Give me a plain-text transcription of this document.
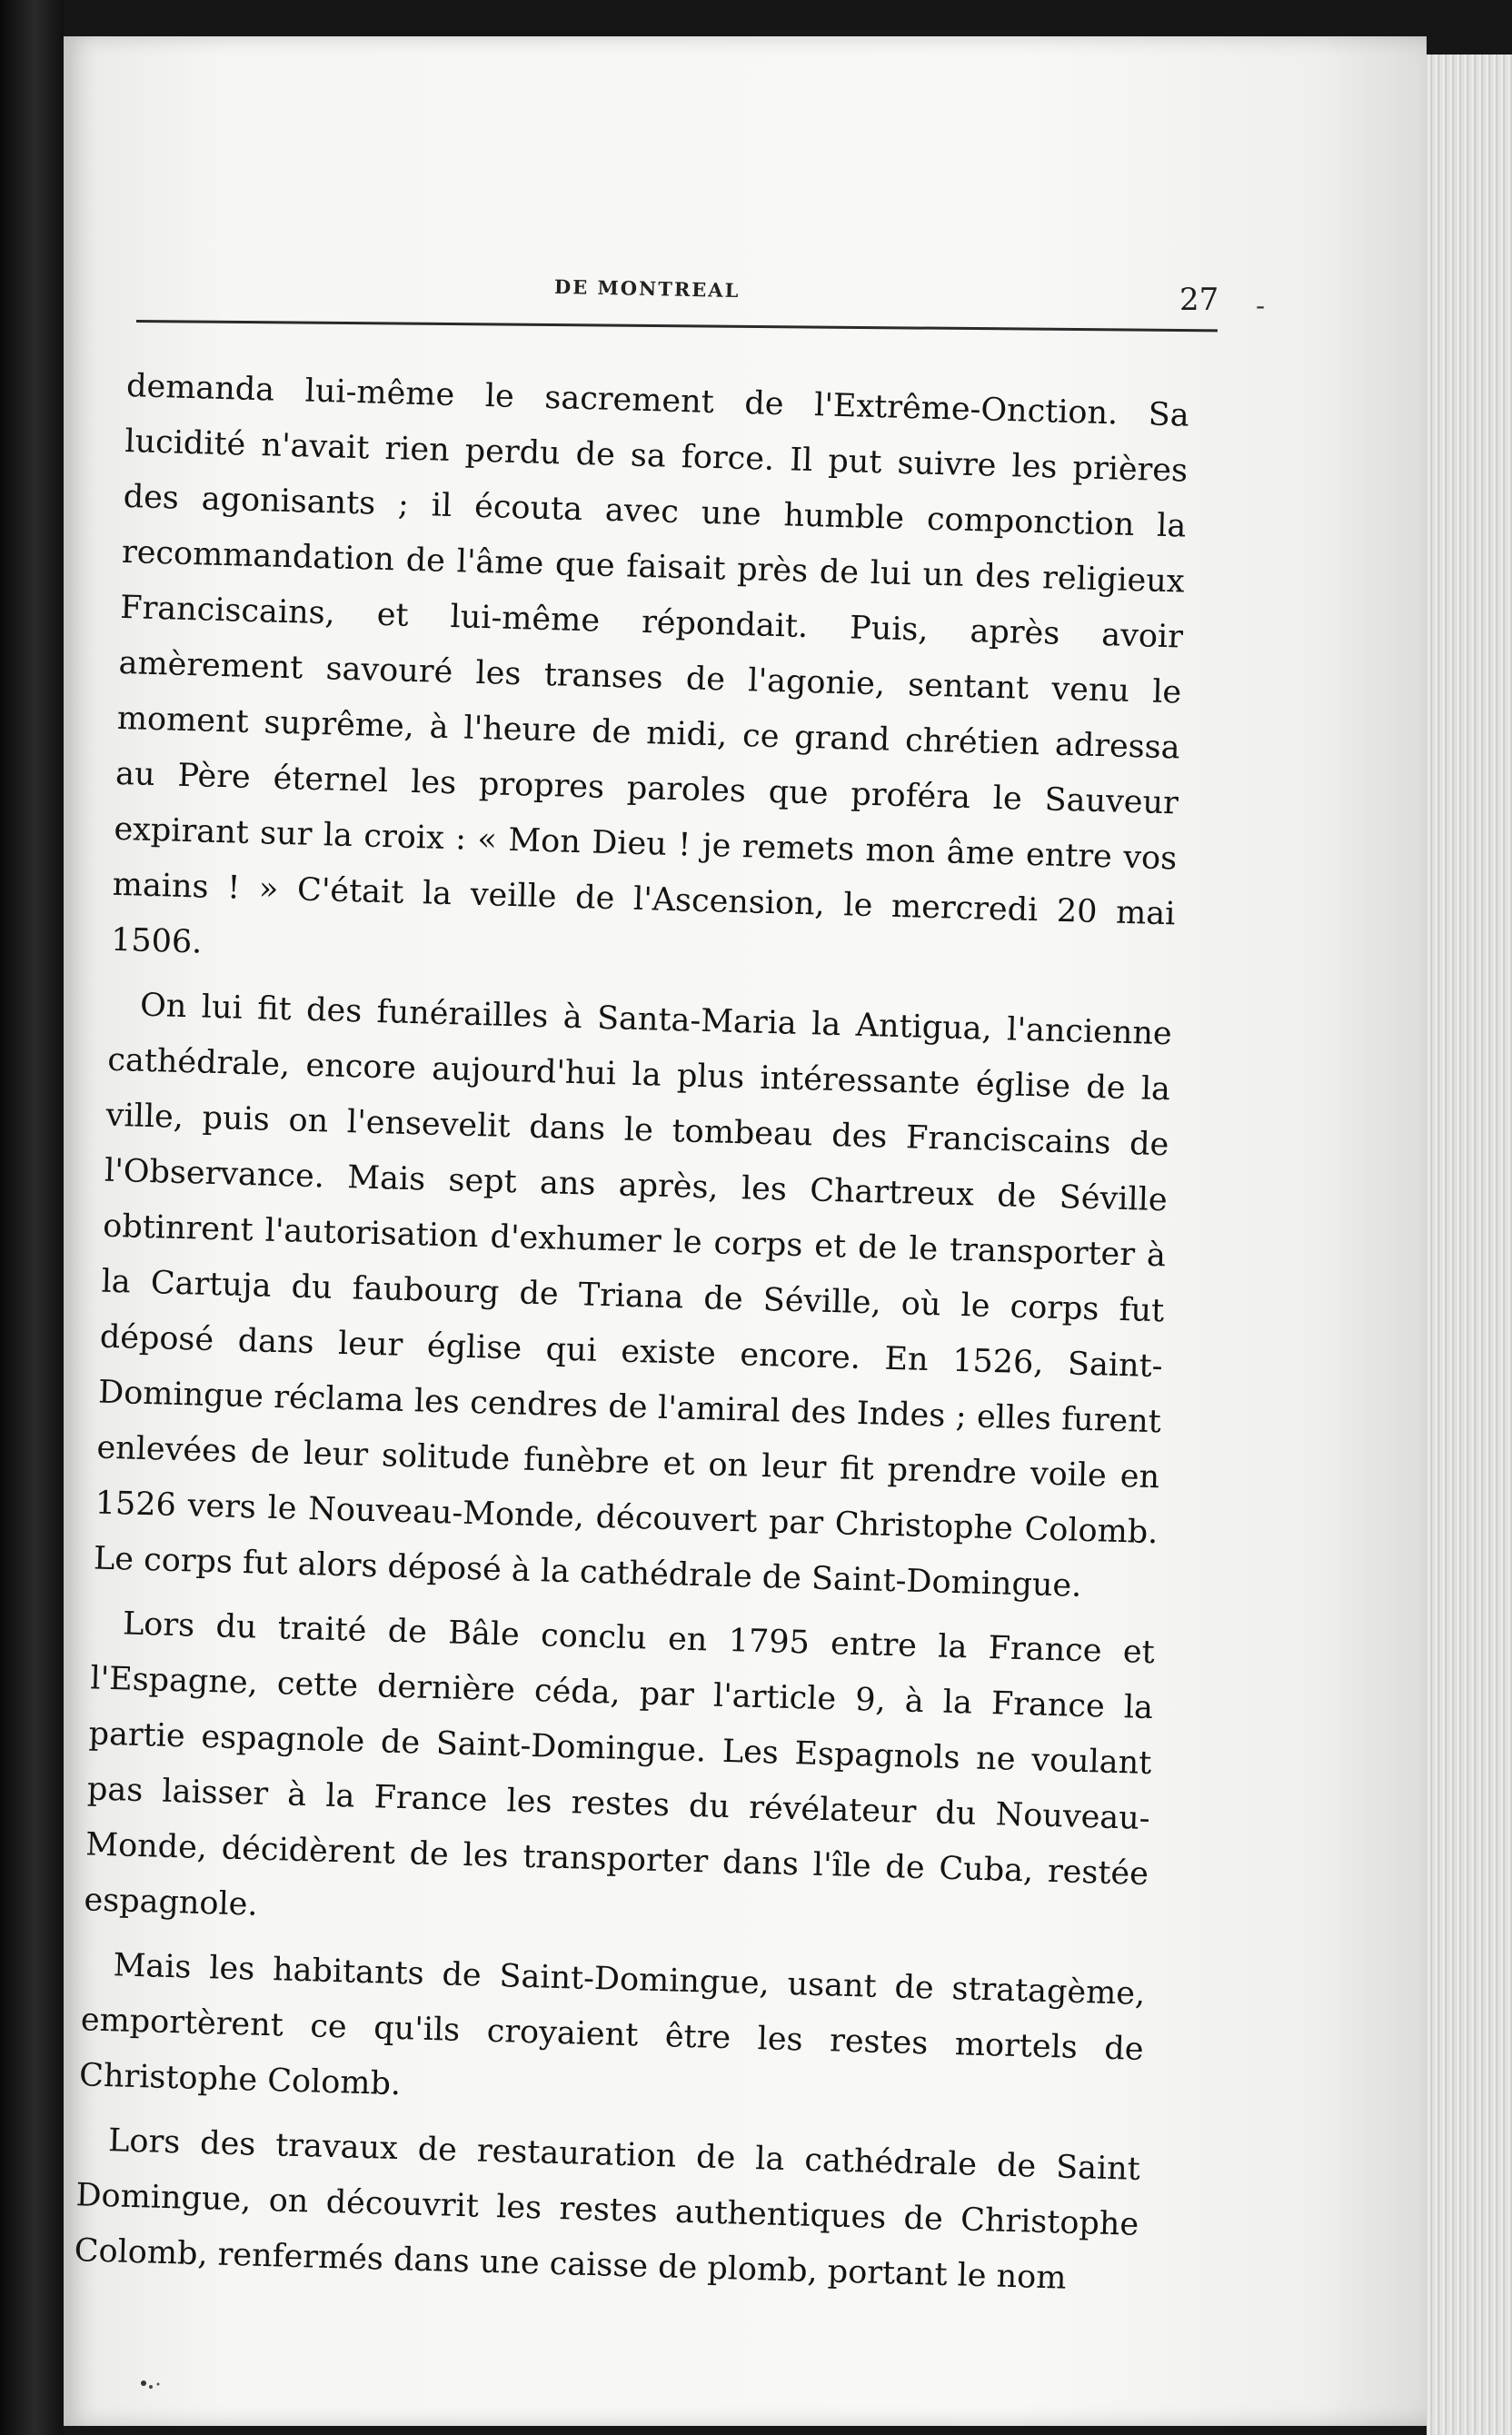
DE MONTREAL	27 -

demanda lui-même le sacrement de l'Extrême-Onction. Sa lucidité n'avait rien perdu de sa force. Il put suivre les prières des agonisants ; il écouta avec une humble componction la recommandation de l'âme que faisait près de lui un des religieux Franciscains, et lui-même répondait. Puis, après avoir amèrement savouré les transes de l'agonie, sentant venu le moment suprême, à l'heure de midi, ce grand chrétien adressa au Père éternel les propres paroles que proféra le Sauveur expirant sur la croix : « Mon Dieu ! je remets mon âme entre vos mains ! » C'était la veille de l'Ascension, le mercredi 20 mai 1506.

On lui fit des funérailles à Santa-Maria la Antigua, l'ancienne cathédrale, encore aujourd'hui la plus intéressante église de la ville, puis on l'ensevelit dans le tombeau des Franciscains de l'Observance. Mais sept ans après, les Chartreux de Séville obtinrent l'autorisation d'exhumer le corps et de le transporter à la Cartuja du faubourg de Triana de Séville, où le corps fut déposé dans leur église qui existe encore. En 1526, Saint-Domingue réclama les cendres de l'amiral des Indes ; elles furent enlevées de leur solitude funèbre et on leur fit prendre voile en 1526 vers le Nouveau-Monde, découvert par Christophe Colomb. Le corps fut alors déposé à la cathédrale de Saint-Domingue.

Lors du traité de Bâle conclu en 1795 entre la France et l'Espagne, cette dernière céda, par l'article 9, à la France la partie espagnole de Saint-Domingue. Les Espagnols ne voulant pas laisser à la France les restes du révélateur du Nouveau-Monde, décidèrent de les transporter dans l'île de Cuba, restée espagnole.

Mais les habitants de Saint-Domingue, usant de stratagème, emportèrent ce qu'ils croyaient être les restes mortels de Christophe Colomb.

Lors des travaux de restauration de la cathédrale de Saint Domingue, on découvrit les restes authentiques de Christophe Colomb, renfermés dans une caisse de plomb, portant le nom
